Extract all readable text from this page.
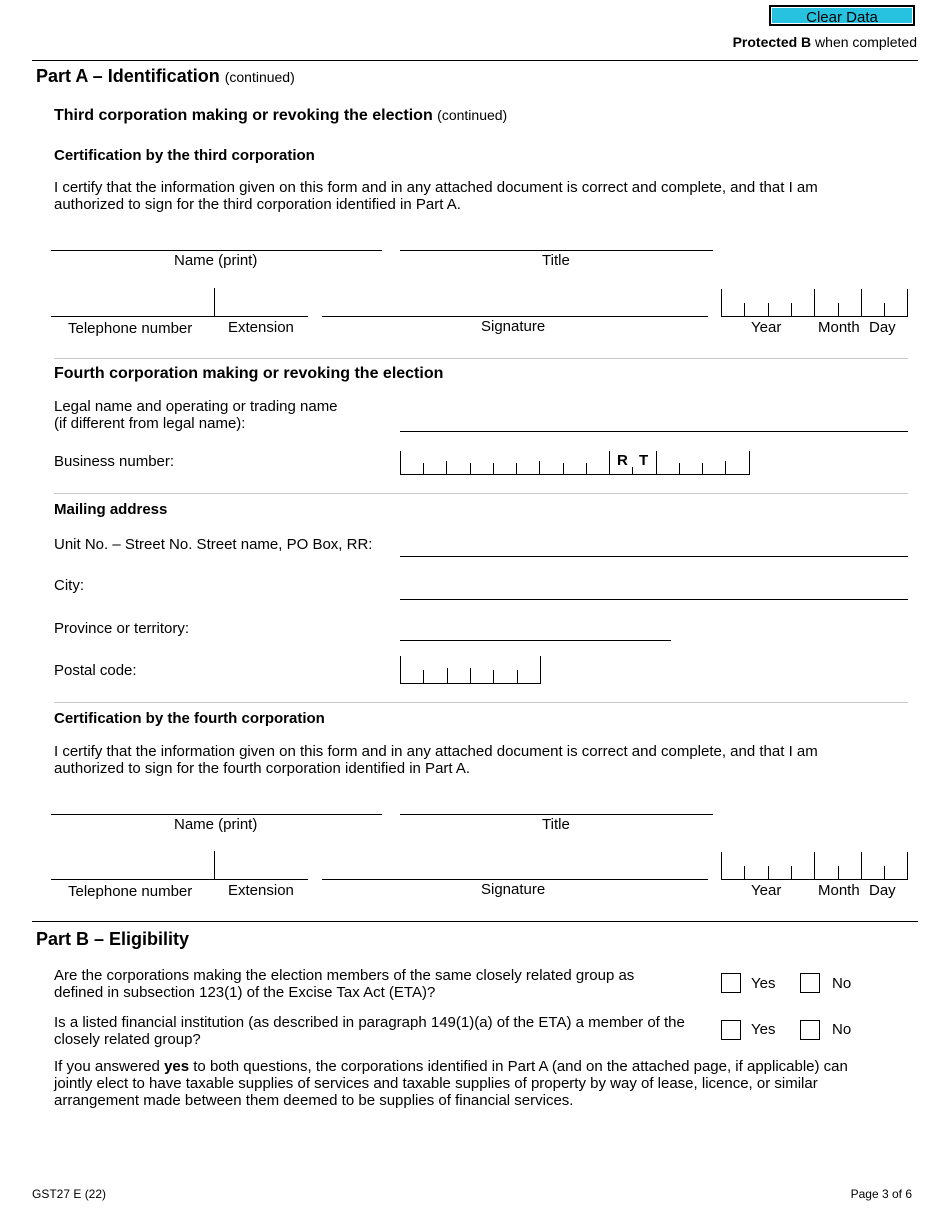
Clear Data
Protected B when completed
Part A – Identification (continued)
Third corporation making or revoking the election (continued)
Certification by the third corporation
I certify that the information given on this form and in any attached document is correct and complete, and that I am authorized to sign for the third corporation identified in Part A.
Name (print)	Title
Telephone number Extension	Signature	Year Month Day
Fourth corporation making or revoking the election
Legal name and operating or trading name
(if different from legal name):
Business number:	R T
Mailing address
Unit No. – Street No. Street name, PO Box, RR:
City:
Province or territory:
Postal code:
Certification by the fourth corporation
I certify that the information given on this form and in any attached document is correct and complete, and that I am authorized to sign for the fourth corporation identified in Part A.
Name (print)	Title
Telephone number Extension	Signature	Year Month Day
Part B – Eligibility
Are the corporations making the election members of the same closely related group as
defined in subsection 123(1) of the Excise Tax Act (ETA)?
Yes	No
Is a listed financial institution (as described in paragraph 149(1)(a) of the ETA) a member of the
closely related group?
Yes	No
If you answered yes to both questions, the corporations identified in Part A (and on the attached page, if applicable) can jointly elect to have taxable supplies of services and taxable supplies of property by way of lease, licence, or similar arrangement made between them deemed to be supplies of financial services.
GST27 E (22)	Page 3 of 6
